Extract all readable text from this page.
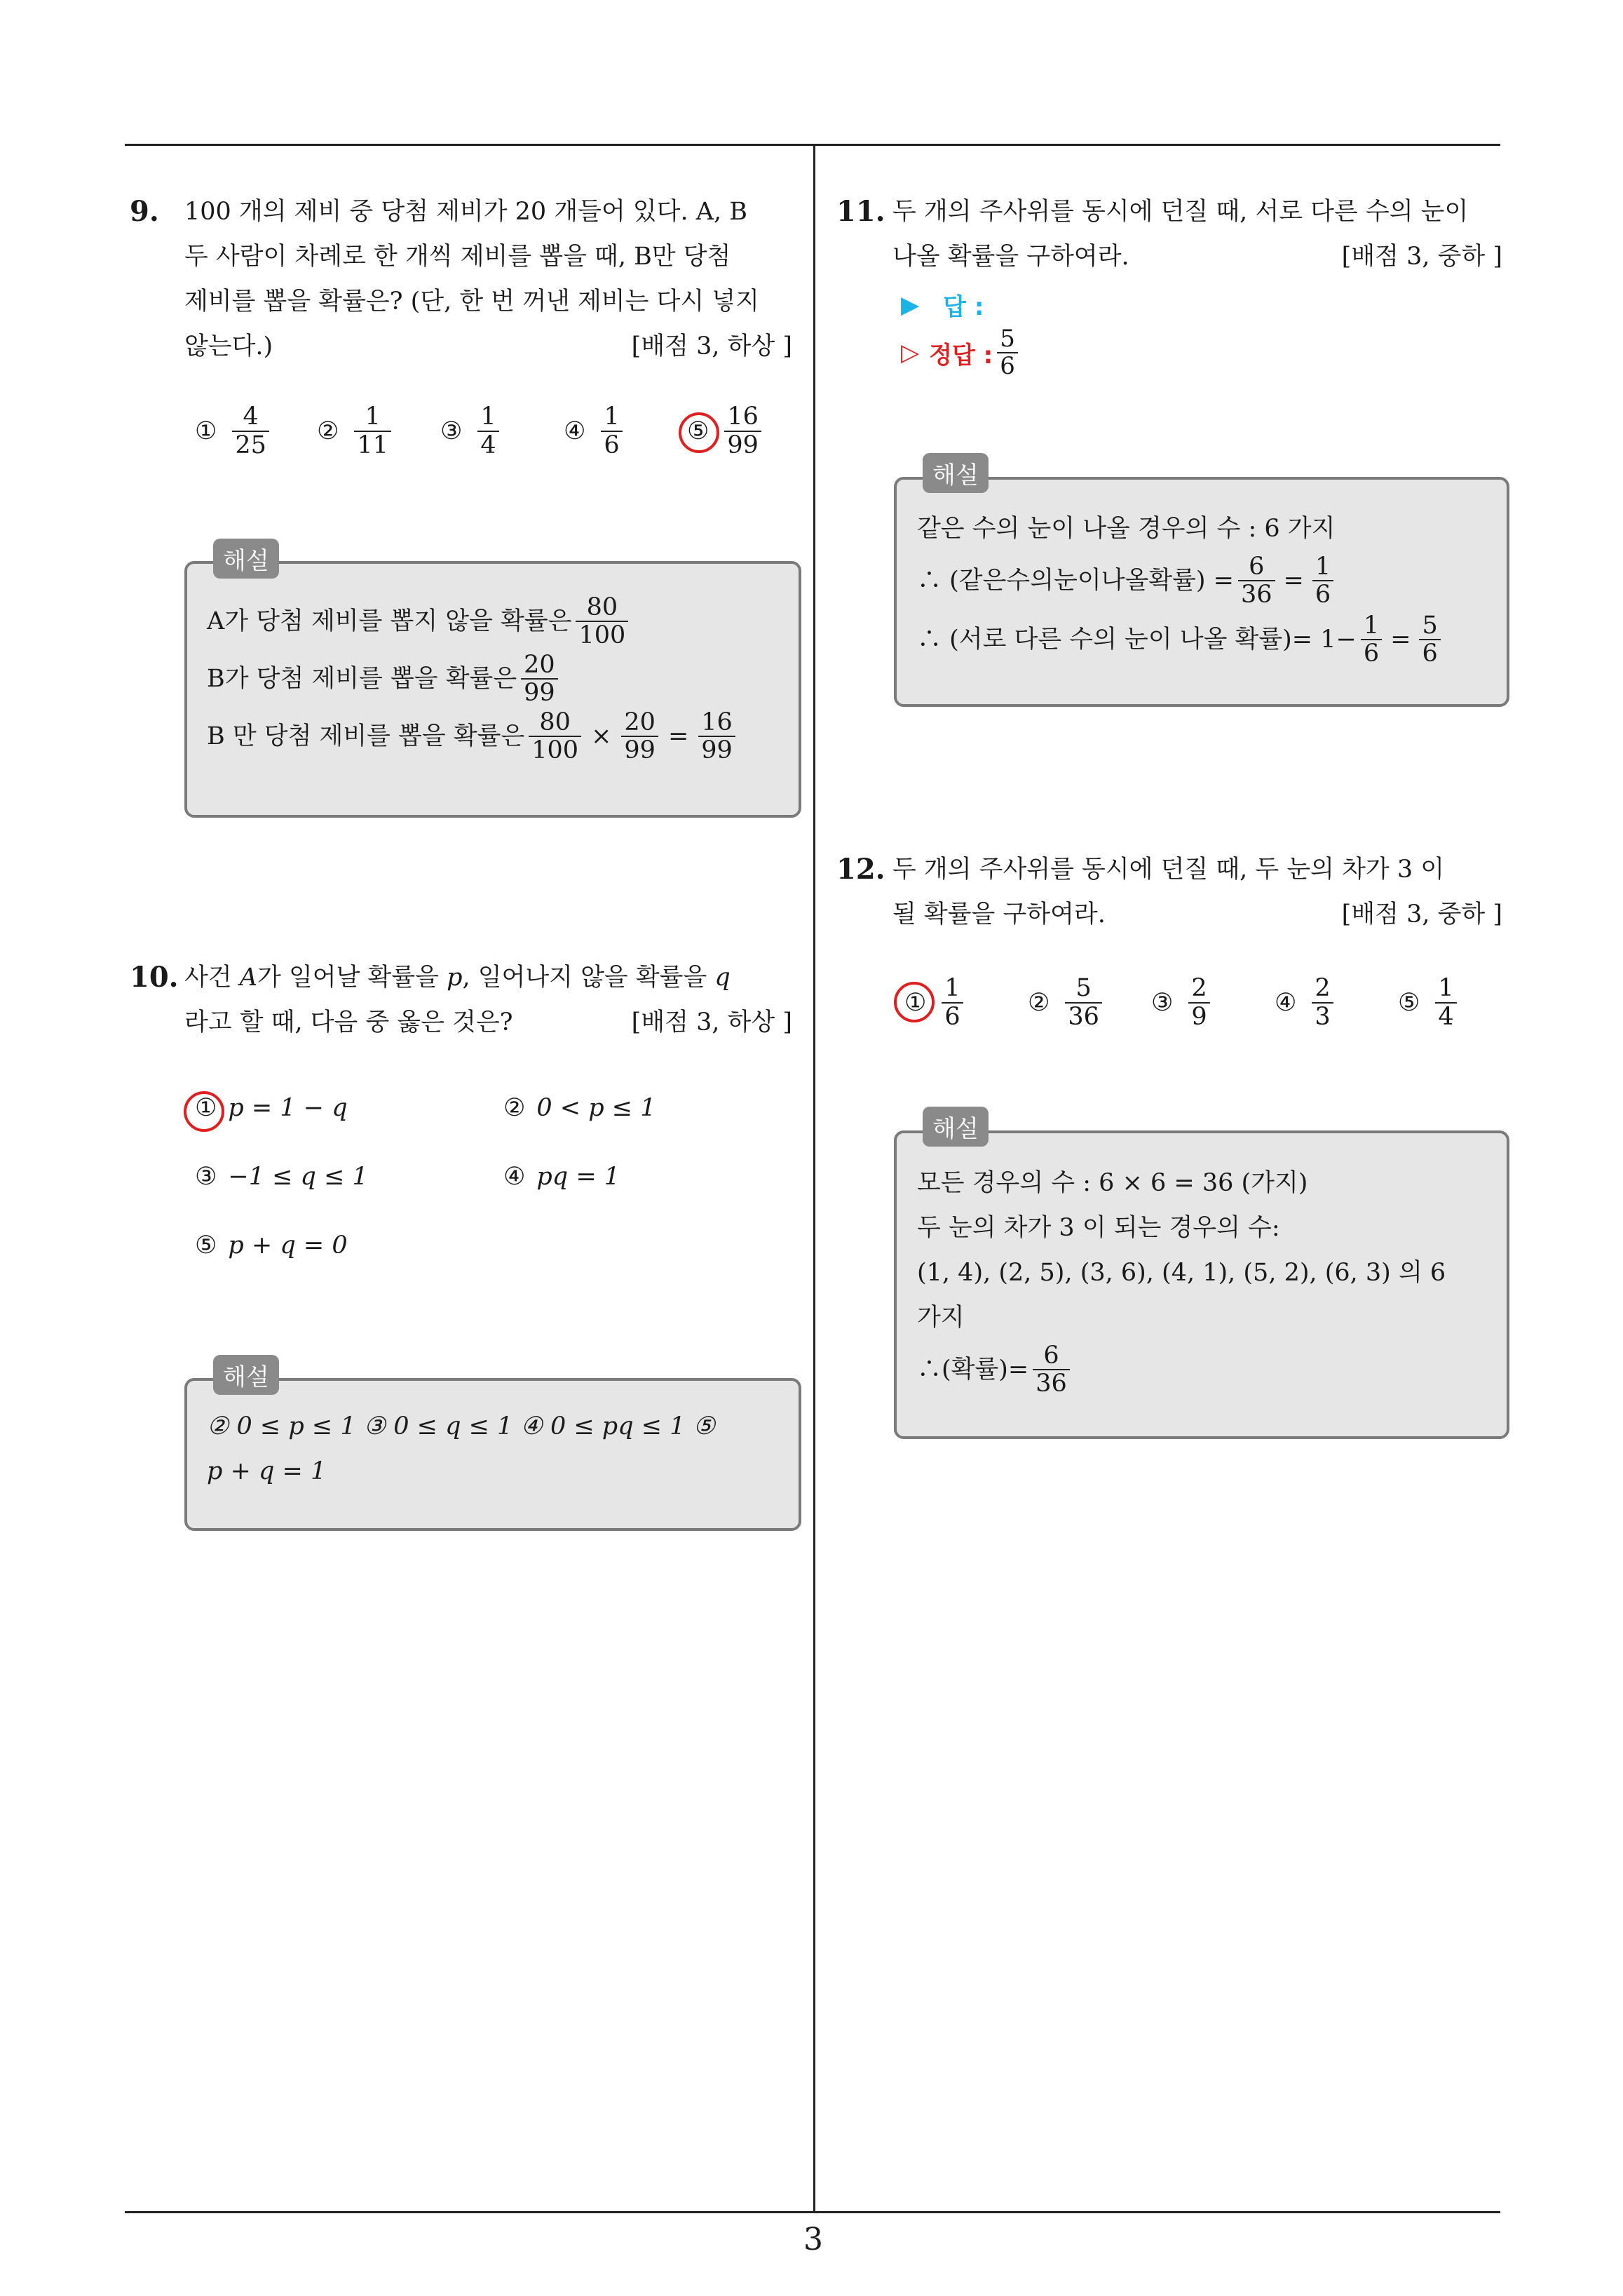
3
9. 100 개의 제비 중 당첨 제비가 20 개들어 있다. A, B
두 사람이 차례로 한 개씩 제비를 뽑을 때, B만 당첨
제비를 뽑을 확률은? (단, 한 번 꺼낸 제비는 다시 넣지
않는다.)	[배점 3, 하상 ]
① $\frac{4}{25}$ ② $\frac{1}{11}$ ③ $\frac{1}{4}$	④ $\frac{1}{6}$	⑤ $\frac{16}{99}$
해설
A가 당첨 제비를 뽑지 않을 확률은 $\frac{80}{100}$
B가 당첨 제비를 뽑을 확률은 $\frac{20}{99}$
B 만 당첨 제비를 뽑을 확률은 $\frac{80}{100} \times \frac{20}{99} = \frac{16}{99}$
10. 사건 A가 일어날 확률을 p, 일어나지 않을 확률을 q
라고 할 때, 다음 중 옳은 것은?	[배점 3, 하상 ]
① p = 1 − q	② 0 < p ≤ 1
③ −1 ≤ q ≤ 1	④ pq = 1
⑤ p + q = 0
해설
② 0 ≤ p ≤ 1 ③ 0 ≤ q ≤ 1 ④ 0 ≤ pq ≤ 1 ⑤
p + q = 1
11. 두 개의 주사위를 동시에 던질 때, 서로 다른 수의 눈이
나올 확률을 구하여라.	[배점 3, 중하 ]
▶ 답 :
▷ 정답 : $\frac{5}{6}$
해설
같은 수의 눈이 나올 경우의 수 : 6 가지
∴ (같은수의눈이나올확률) = $\frac{6}{36} = \frac{1}{6}$
∴ (서로 다른 수의 눈이 나올 확률)= $1- \frac{1}{6} = \frac{5}{6}$
12. 두 개의 주사위를 동시에 던질 때, 두 눈의 차가 3 이
될 확률을 구하여라.	[배점 3, 중하 ]
① $\frac{1}{6}$	② $\frac{5}{36}$ ③ $\frac{2}{9}$	④ $\frac{2}{3}$	⑤ $\frac{1}{4}$
해설
모든 경우의 수 : 6 × 6 = 36 (가지)
두 눈의 차가 3 이 되는 경우의 수:
(1, 4), (2, 5), (3, 6), (4, 1), (5, 2), (6, 3) 의 6
가지
∴(확률)= $\frac{6}{36}$
